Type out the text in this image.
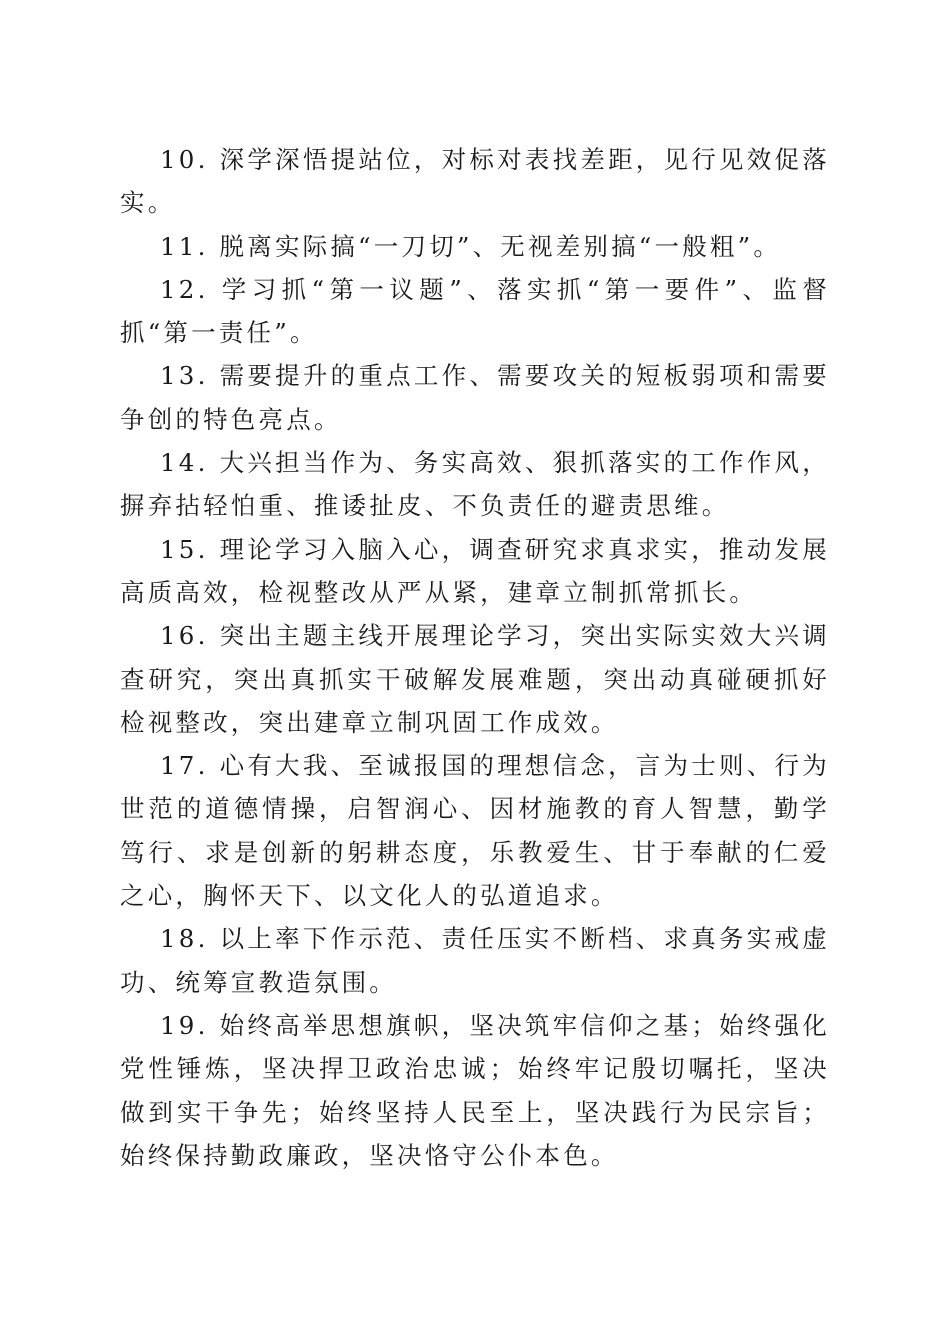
10. 深学深悟提站位，对标对表找差距，见行见效促落实。

11. 脱离实际搞“一刀切”、无视差别搞“一般粗”。

12. 学习抓“第一议题”、落实抓“第一要件”、监督抓“第一责任”。

13. 需要提升的重点工作、需要攻关的短板弱项和需要争创的特色亮点。

14. 大兴担当作为、务实高效、狠抓落实的工作作风，摒弃拈轻怕重、推诿扯皮、不负责任的避责思维。

15. 理论学习入脑入心，调查研究求真求实，推动发展高质高效，检视整改从严从紧，建章立制抓常抓长。

16. 突出主题主线开展理论学习，突出实际实效大兴调查研究，突出真抓实干破解发展难题，突出动真碰硬抓好检视整改，突出建章立制巩固工作成效。

17. 心有大我、至诚报国的理想信念，言为士则、行为世范的道德情操，启智润心、因材施教的育人智慧，勤学笃行、求是创新的躬耕态度，乐教爱生、甘于奉献的仁爱之心，胸怀天下、以文化人的弘道追求。

18. 以上率下作示范、责任压实不断档、求真务实戒虚功、统筹宣教造氛围。

19. 始终高举思想旗帜，坚决筑牢信仰之基；始终强化党性锤炼，坚决捍卫政治忠诚；始终牢记殷切嘱托，坚决做到实干争先；始终坚持人民至上，坚决践行为民宗旨；始终保持勤政廉政，坚决恪守公仆本色。
